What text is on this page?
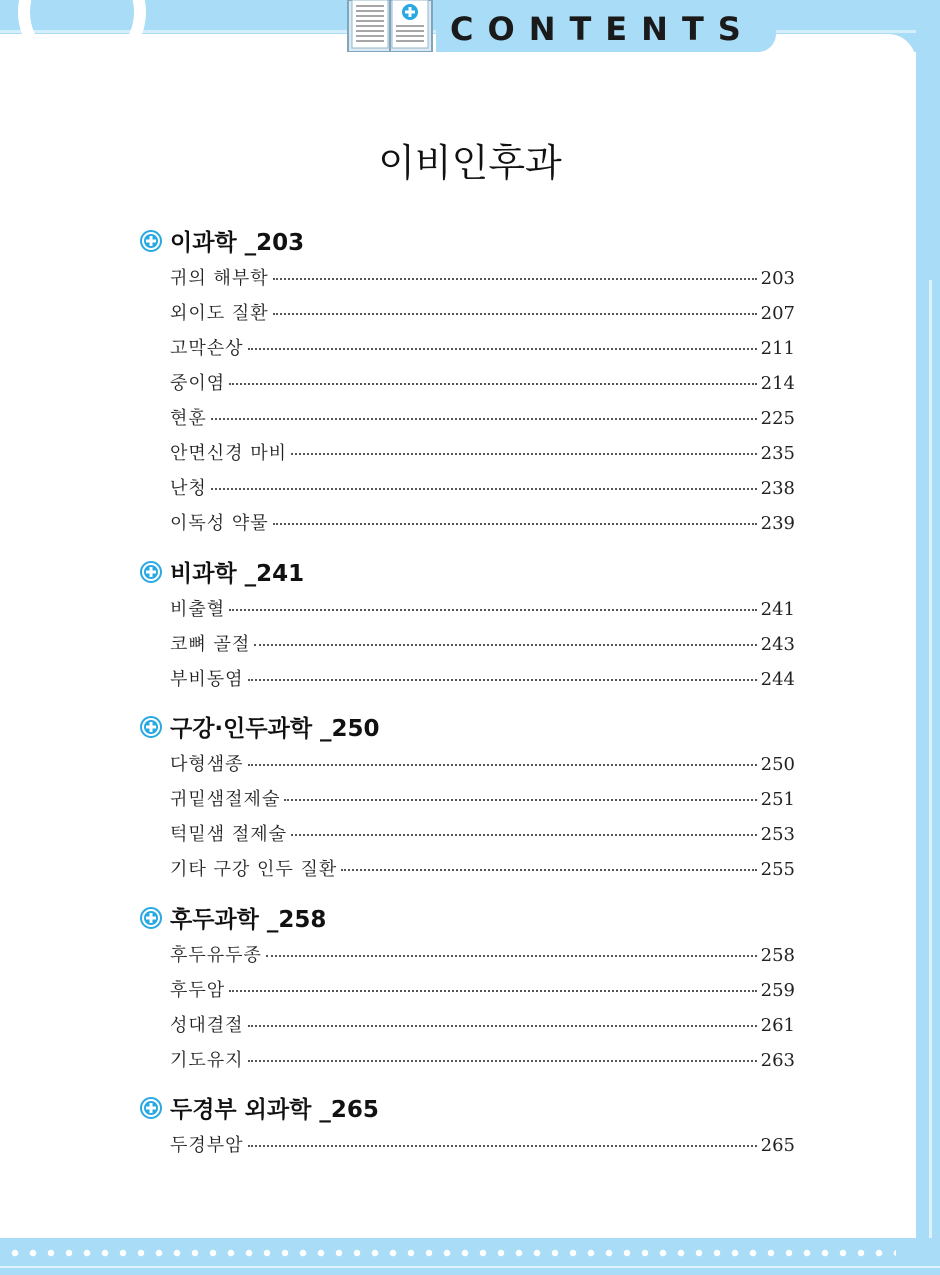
CONTENTS
이비인후과
이과학 _203
귀의 해부학	203
외이도 질환	207
고막손상	211
중이염	214
현훈	225
안면신경 마비	235
난청	238
이독성 약물	239
비과학 _241
비출혈	241
코뼈 골절	243
부비동염	244
구강·인두과학 _250
다형샘종	250
귀밑샘절제술	251
턱밑샘 절제술	253
기타 구강 인두 질환	255
후두과학 _258
후두유두종	258
후두암	259
성대결절	261
기도유지	263
두경부 외과학 _265
두경부암	265
